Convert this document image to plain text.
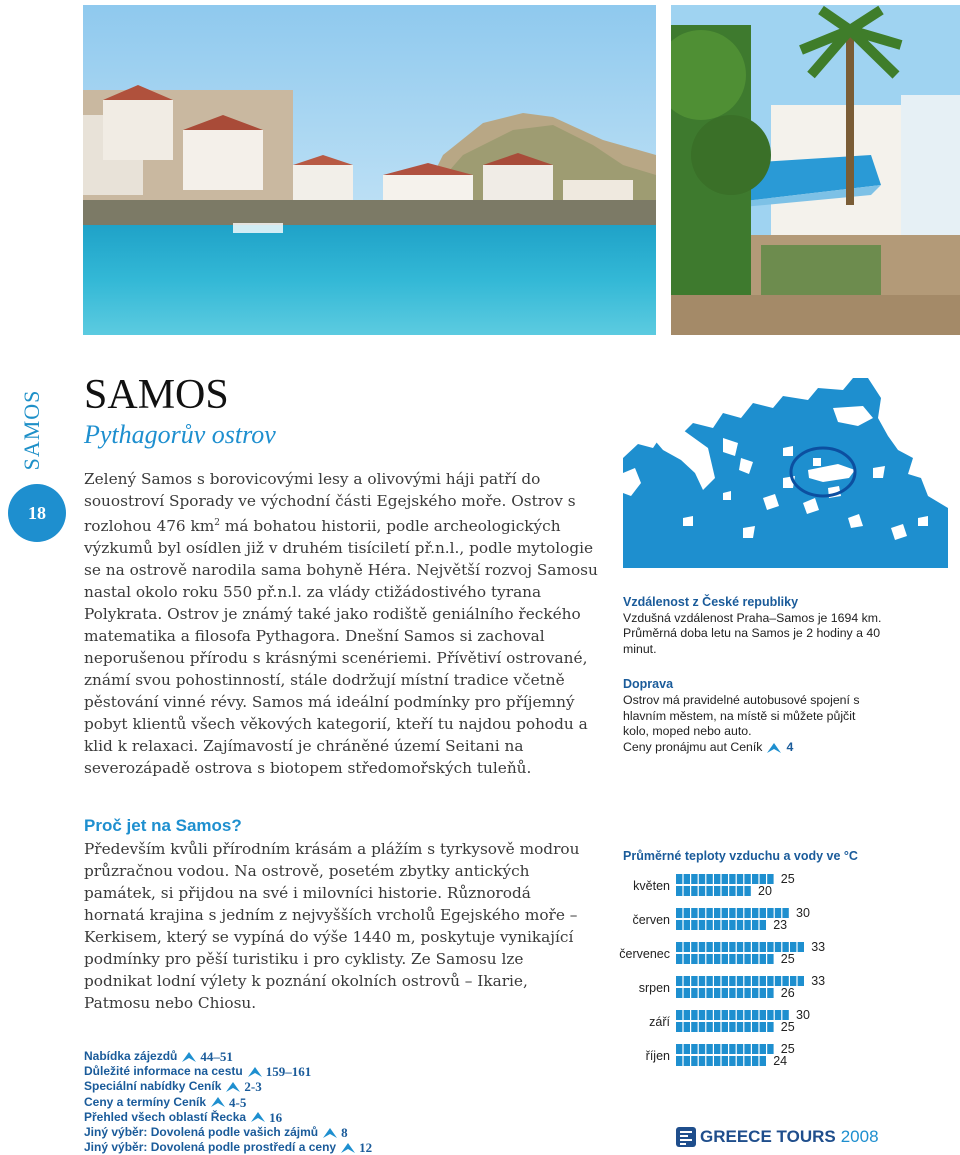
SAMOS
18
SAMOS
Pythagorův ostrov

Zelený Samos s borovicovými lesy a olivovými háji patří do souostroví Sporady ve východní části Egejského moře. Ostrov s rozlohou 476 $km^2$ má bohatou historii, podle archeologických výzkumů byl osídlen již v druhém tisíciletí př.n.l., podle mytologie se na ostrově narodila sama bohyně Héra. Největší rozvoj Samosu nastal okolo roku 550 př.n.l. za vlády ctižádostivého tyrana Polykrata. Ostrov je známý také jako rodiště geniálního řeckého matematika a filosofa Pythagora. Dnešní Samos si zachoval neporušenou přírodu s krásnými scenériemi. Přívětiví ostrované, známí svou pohostinností, stále dodržují místní tradice včetně pěstování vinné révy. Samos má ideální podmínky pro příjemný pobyt klientů všech věkových kategorií, kteří tu najdou pohodu a klid k relaxaci. Zajímavostí je chráněné území Seitani na severozápadě ostrova s biotopem středomořských tuleňů.

Proč jet na Samos?

Především kvůli přírodním krásám a plážím s tyrkysově modrou průzračnou vodou. Na ostrově, posetém zbytky antických památek, si přijdou na své i milovníci historie. Různorodá hornatá krajina s jedním z nejvyšších vrcholů Egejského moře – Kerkisem, který se vypíná do výše 1440 m, poskytuje vynikající podmínky pro pěší turistiku i pro cyklisty. Ze Samosu lze podnikat lodní výlety k poznání okolních ostrovů – Ikarie, Patmosu nebo Chiosu.

Nabídka zájezdů 44–51
Důležité informace na cestu 159–161
Speciální nabídky Ceník 2-3
Ceny a termíny Ceník 4-5
Přehled všech oblastí Řecka 16
Jiný výběr: Dovolená podle vašich zájmů 8
Jiný výběr: Dovolená podle prostředí a ceny 12
Vzdálenost z České republiky

Vzdušná vzdálenost Praha–Samos je 1694 km.

Průměrná doba letu na Samos je 2 hodiny a 40 minut.

Doprava

Ostrov má pravidelné autobusové spojení s hlavním městem, na místě si můžete půjčit kolo, moped nebo auto.

Ceny pronájmu aut Ceník 4
Průměrné teploty vzduchu a vody ve °C
květen	25
20
červen	30
23
červenec	33
25
srpen	33
26
září	30
25
říjen	25
24
GREECE TOURS 2008
